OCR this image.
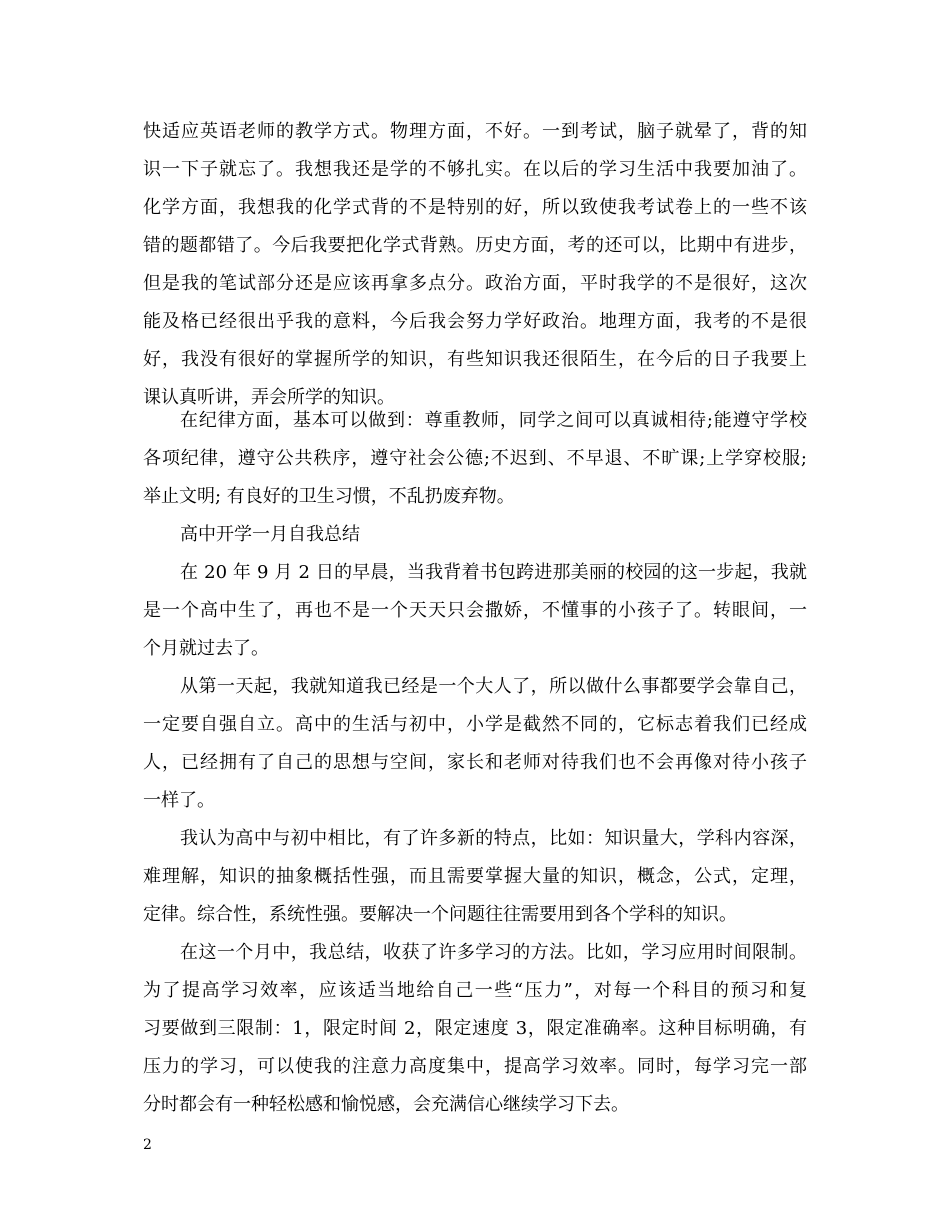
快适应英语老师的教学方式。物理方面，不好。一到考试，脑子就晕了，背的知
识一下子就忘了。我想我还是学的不够扎实。在以后的学习生活中我要加油了。
化学方面，我想我的化学式背的不是特别的好，所以致使我考试卷上的一些不该
错的题都错了。今后我要把化学式背熟。历史方面，考的还可以，比期中有进步，
但是我的笔试部分还是应该再拿多点分。政治方面，平时我学的不是很好，这次
能及格已经很出乎我的意料，今后我会努力学好政治。地理方面，我考的不是很
好，我没有很好的掌握所学的知识，有些知识我还很陌生，在今后的日子我要上
课认真听讲，弄会所学的知识。
在纪律方面，基本可以做到：尊重教师，同学之间可以真诚相待;能遵守学校
各项纪律，遵守公共秩序，遵守社会公德;不迟到、不早退、不旷课;上学穿校服;
举止文明; 有良好的卫生习惯，不乱扔废弃物。
高中开学一月自我总结
在 20 年 9 月 2 日的早晨，当我背着书包跨进那美丽的校园的这一步起，我就
是一个高中生了，再也不是一个天天只会撒娇，不懂事的小孩子了。转眼间，一
个月就过去了。
从第一天起，我就知道我已经是一个大人了，所以做什么事都要学会靠自己，
一定要自强自立。高中的生活与初中，小学是截然不同的，它标志着我们已经成
人，已经拥有了自己的思想与空间，家长和老师对待我们也不会再像对待小孩子
一样了。
我认为高中与初中相比，有了许多新的特点，比如：知识量大，学科内容深，
难理解，知识的抽象概括性强，而且需要掌握大量的知识，概念，公式，定理，
定律。综合性，系统性强。要解决一个问题往往需要用到各个学科的知识。
在这一个月中，我总结，收获了许多学习的方法。比如，学习应用时间限制。
为了提高学习效率，应该适当地给自己一些“压力”，对每一个科目的预习和复
习要做到三限制：1，限定时间 2，限定速度 3，限定准确率。这种目标明确，有
压力的学习，可以使我的注意力高度集中，提高学习效率。同时，每学习完一部
分时都会有一种轻松感和愉悦感，会充满信心继续学习下去。
2
